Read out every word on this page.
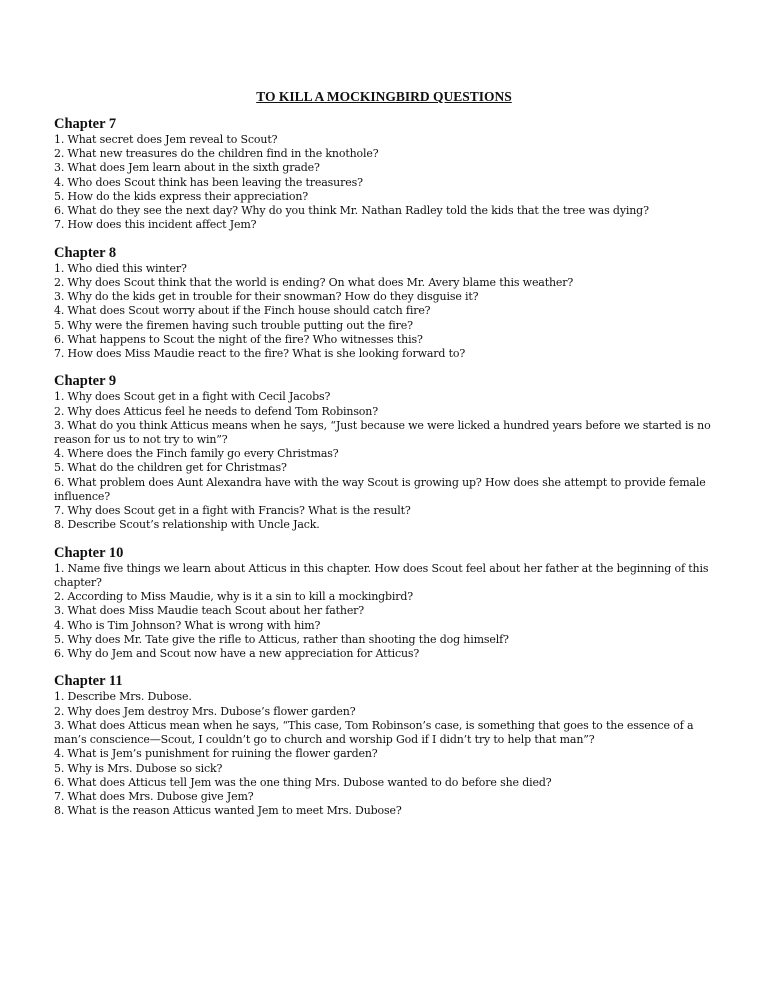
TO KILL A MOCKINGBIRD QUESTIONS
Chapter 7
1. What secret does Jem reveal to Scout?
2. What new treasures do the children find in the knothole?
3. What does Jem learn about in the sixth grade?
4. Who does Scout think has been leaving the treasures?
5. How do the kids express their appreciation?
6. What do they see the next day? Why do you think Mr. Nathan Radley told the kids that the tree was dying?
7. How does this incident affect Jem?
Chapter 8
1. Who died this winter?
2. Why does Scout think that the world is ending? On what does Mr. Avery blame this weather?
3. Why do the kids get in trouble for their snowman? How do they disguise it?
4. What does Scout worry about if the Finch house should catch fire?
5. Why were the firemen having such trouble putting out the fire?
6. What happens to Scout the night of the fire? Who witnesses this?
7. How does Miss Maudie react to the fire? What is she looking forward to?
Chapter 9
1. Why does Scout get in a fight with Cecil Jacobs?
2. Why does Atticus feel he needs to defend Tom Robinson?
3. What do you think Atticus means when he says, “Just because we were licked a hundred years before we started is no reason for us to not try to win”?
4. Where does the Finch family go every Christmas?
5. What do the children get for Christmas?
6. What problem does Aunt Alexandra have with the way Scout is growing up? How does she attempt to provide female influence?
7. Why does Scout get in a fight with Francis? What is the result?
8. Describe Scout’s relationship with Uncle Jack.
Chapter 10
1. Name five things we learn about Atticus in this chapter. How does Scout feel about her father at the beginning of this chapter?
2. According to Miss Maudie, why is it a sin to kill a mockingbird?
3. What does Miss Maudie teach Scout about her father?
4. Who is Tim Johnson? What is wrong with him?
5. Why does Mr. Tate give the rifle to Atticus, rather than shooting the dog himself?
6. Why do Jem and Scout now have a new appreciation for Atticus?
Chapter 11
1. Describe Mrs. Dubose.
2. Why does Jem destroy Mrs. Dubose’s flower garden?
3. What does Atticus mean when he says, “This case, Tom Robinson’s case, is something that goes to the essence of a man’s conscience—Scout, I couldn’t go to church and worship God if I didn’t try to help that man”?
4. What is Jem’s punishment for ruining the flower garden?
5. Why is Mrs. Dubose so sick?
6. What does Atticus tell Jem was the one thing Mrs. Dubose wanted to do before she died?
7. What does Mrs. Dubose give Jem?
8. What is the reason Atticus wanted Jem to meet Mrs. Dubose?
